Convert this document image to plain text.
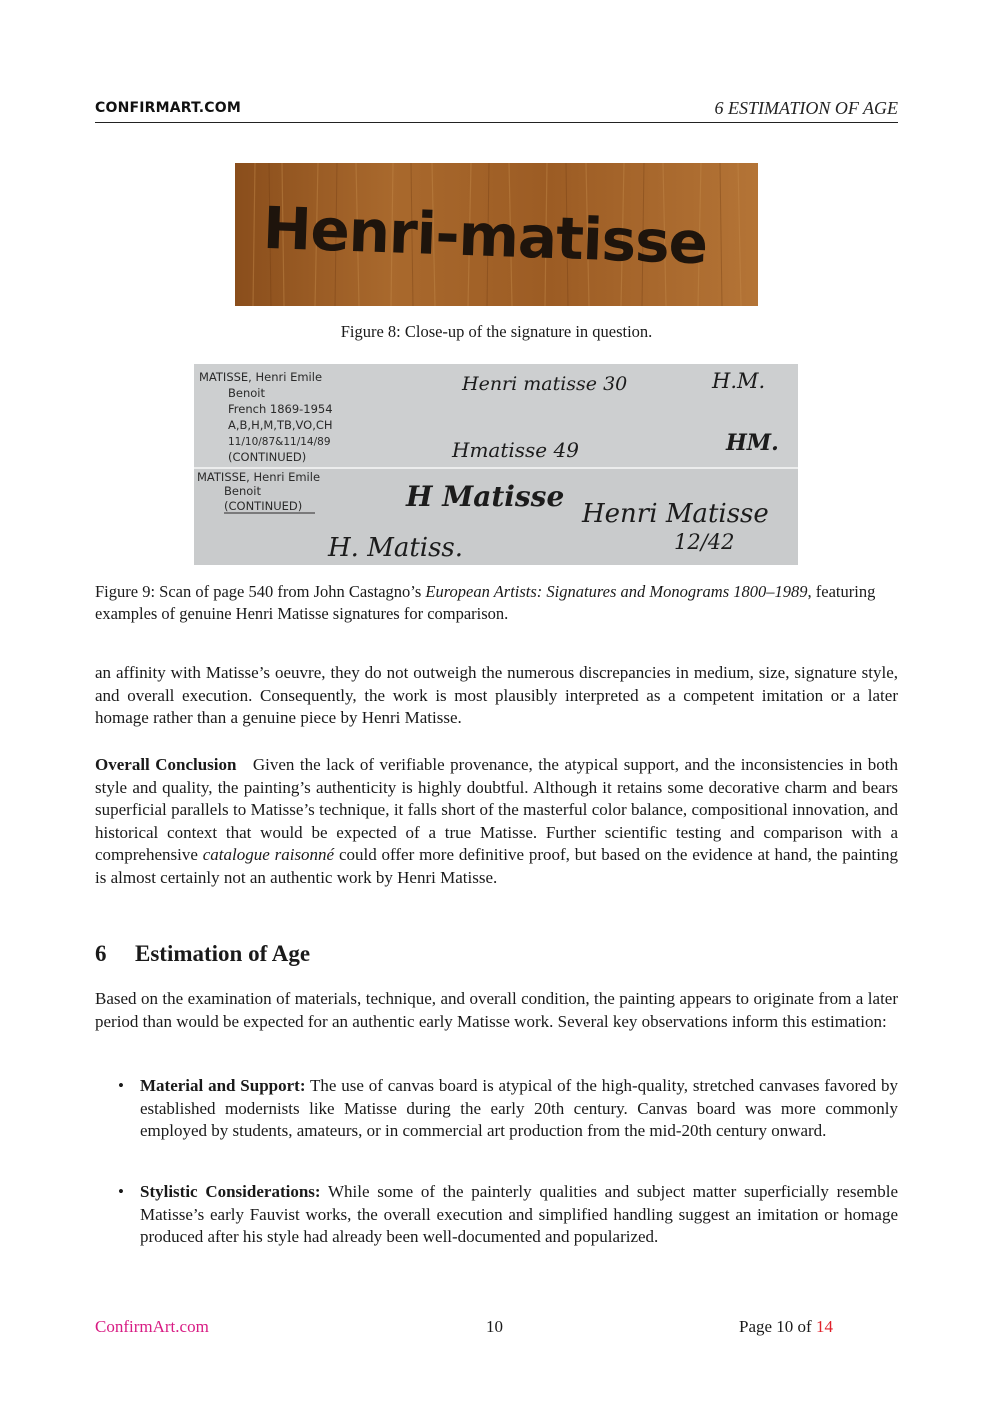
CONFIRMART.COM	6 ESTIMATION OF AGE
Henri-matisse
Figure 8: Close-up of the signature in question.
MATISSE, Henri Emile
Benoit
French 1869-1954
A,B,H,M,TB,VO,CH
11/10/87&11/14/89
(CONTINUED)
MATISSE, Henri Emile
Benoit
(CONTINUED)
Henri matisse 30	H.M.
Hmatisse 49	HM.
H Matisse
Henri Matisse
12/42
H. Matiss.
Figure 9: Scan of page 540 from John Castagno’s European Artists: Signatures and Monograms 1800–1989, featuring examples of genuine Henri Matisse signatures for comparison.
an affinity with Matisse’s oeuvre, they do not outweigh the numerous discrepancies in medium, size, signature style, and overall execution. Consequently, the work is most plausibly interpreted as a competent imitation or a later homage rather than a genuine piece by Henri Matisse.
Overall Conclusion Given the lack of verifiable provenance, the atypical support, and the inconsistencies in both style and quality, the painting’s authenticity is highly doubtful. Although it retains some decorative charm and bears superficial parallels to Matisse’s technique, it falls short of the masterful color balance, compositional innovation, and historical context that would be expected of a true Matisse. Further scientific testing and comparison with a comprehensive catalogue raisonné could offer more definitive proof, but based on the evidence at hand, the painting is almost certainly not an authentic work by Henri Matisse.
6 Estimation of Age
Based on the examination of materials, technique, and overall condition, the painting appears to originate from a later period than would be expected for an authentic early Matisse work. Several key observations inform this estimation:
• Material and Support: The use of canvas board is atypical of the high-quality, stretched canvases favored by established modernists like Matisse during the early 20th century. Canvas board was more commonly employed by students, amateurs, or in commercial art production from the mid-20th century onward.
• Stylistic Considerations: While some of the painterly qualities and subject matter superficially resemble Matisse’s early Fauvist works, the overall execution and simplified handling suggest an imitation or homage produced after his style had already been well-documented and popularized.
ConfirmArt.com	10	Page 10 of 14
